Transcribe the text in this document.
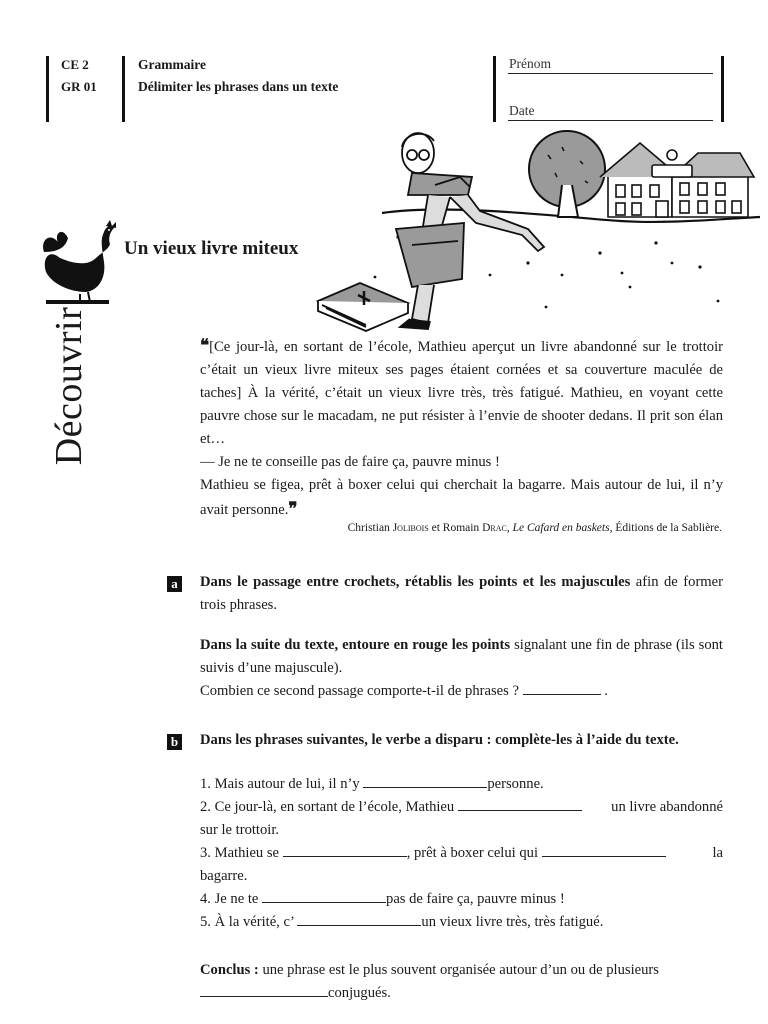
CE 2
GR 01
Grammaire
Délimiter les phrases dans un texte
Prénom
Date
Découvrir
Un vieux livre miteux
❝[Ce jour-là, en sortant de l’école, Mathieu aperçut un livre abandonné sur le trottoir c’était un vieux livre miteux ses pages étaient cornées et sa couverture maculée de taches] À la vérité, c’était un vieux livre très, très fatigué. Mathieu, en voyant cette pauvre chose sur le macadam, ne put résister à l’envie de shooter dedans. Il prit son élan et…
— Je ne te conseille pas de faire ça, pauvre minus !
Mathieu se figea, prêt à boxer celui qui cherchait la bagarre. Mais autour de lui, il n’y avait personne.❞
Christian Jolibois et Romain Drac, Le Cafard en baskets, Éditions de la Sablière.
a Dans le passage entre crochets, rétablis les points et les majuscules afin de former trois phrases.
Dans la suite du texte, entoure en rouge les points signalant une fin de phrase (ils sont suivis d’une majuscule).
Combien ce second passage comporte-t-il de phrases ?	.
b Dans les phrases suivantes, le verbe a disparu : complète-les à l’aide du texte.
1. Mais autour de lui, il n’y	personne.
2. Ce jour-là, en sortant de l’école, Mathieu	un livre abandonné
sur le trottoir.
3. Mathieu se	, prêt à boxer celui qui	la
bagarre.
4. Je ne te	pas de faire ça, pauvre minus !
5. À la vérité, c’	un vieux livre très, très fatigué.
Conclus : une phrase est le plus souvent organisée autour d’un ou de plusieurs
conjugués.
